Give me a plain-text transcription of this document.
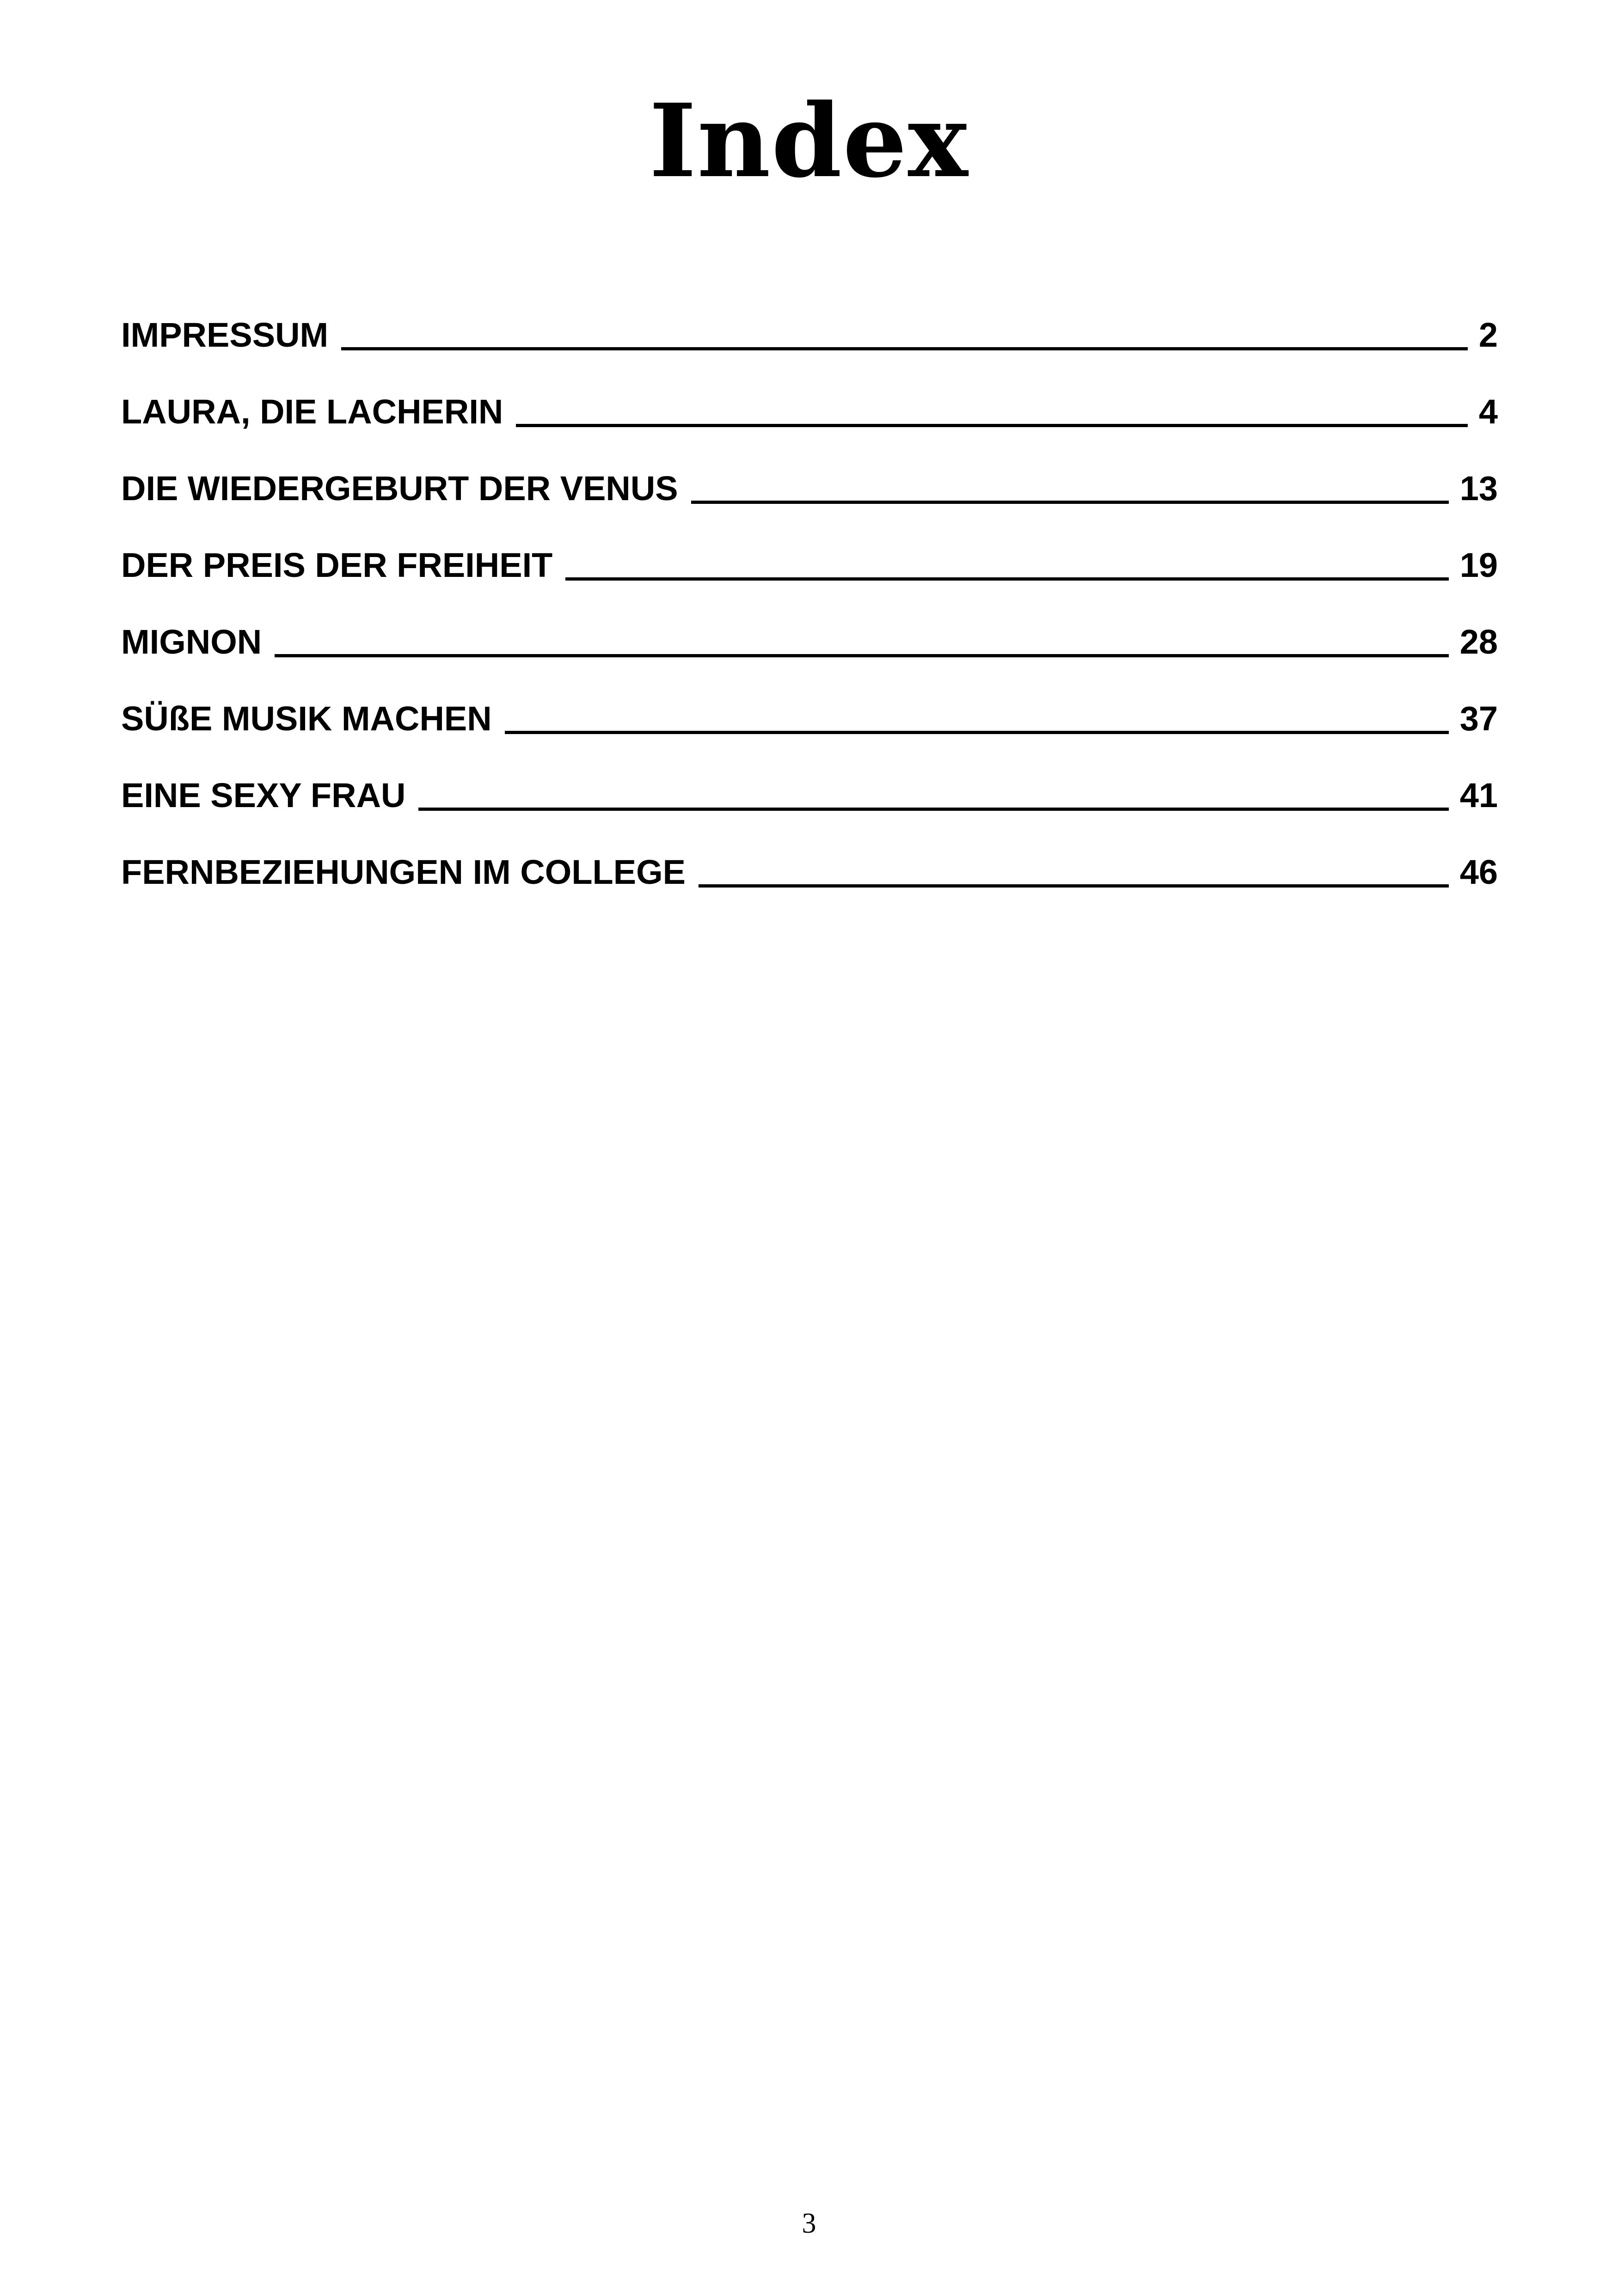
Index
IMPRESSUM	2
LAURA, DIE LACHERIN	4
DIE WIEDERGEBURT DER VENUS	13
DER PREIS DER FREIHEIT	19
MIGNON	28
SÜßE MUSIK MACHEN	37
EINE SEXY FRAU	41
FERNBEZIEHUNGEN IM COLLEGE	46
3
